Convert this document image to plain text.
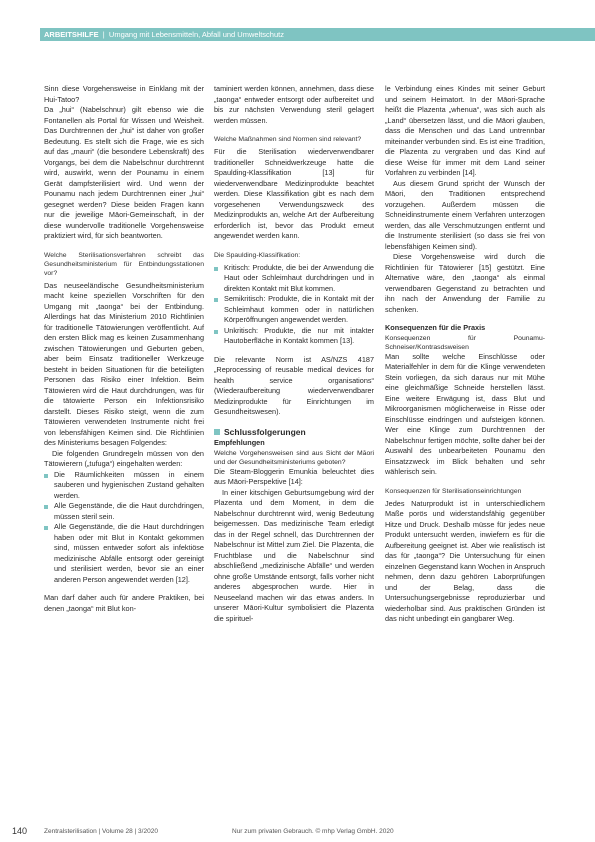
ARBEITSHILFE  |  Umgang mit Lebensmitteln, Abfall und Umweltschutz

Sinn diese Vorgehensweise in Einklang mit der Hui-Tatoo?

Da „hui“ (Nabelschnur) gilt ebenso wie die Fontanellen als Portal für Wissen und Weisheit. Das Durchtrennen der „hui“ ist daher von großer Bedeutung. Es stellt sich die Frage, wie es sich auf das „mauri“ (die besondere Lebenskraft) des Vorgangs, bei dem die Nabelschnur durchtrennt wird, auswirkt, wenn der Pounamu in einem Gerät dampfsterilisiert wird. Und wenn der Pounamu nach jedem Durchtrennen einer „hui“ gesegnet werden? Diese beiden Fragen kann nur die jeweilige Māori-Gemeinschaft, in der diese wundervolle traditionelle Vorgehensweise praktiziert wird, für sich beantworten.

Welche Sterilisationsverfahren schreibt das Gesundheitsministerium für Entbindungsstationen vor?

Das neuseeländische Gesundheitsministerium macht keine speziellen Vorschriften für den Umgang mit „taonga“ bei der Entbindung. Allerdings hat das Ministerium 2010 Richtlinien für traditionelle Tätowierungen veröffentlicht. Auf den ersten Blick mag es keinen Zusammenhang zwischen Tätowierungen und Geburten geben, aber beim Einsatz traditioneller Werkzeuge besteht in beiden Situationen für die beteiligten Personen das Risiko einer Infektion. Beim Tätowieren wird die Haut durchdrungen, was für die tätowierte Person ein Infektionsrisiko darstellt. Dieses Risiko steigt, wenn die zum Tätowieren verwendeten Instrumente nicht frei von lebensfähigen Keimen sind. Die Richtlinien des Ministeriums besagen Folgendes:

Die folgenden Grundregeln müssen von den Tätowierern („tufuga“) eingehalten werden:

Die Räumlichkeiten müssen in einem sauberen und hygienischen Zustand gehalten werden.
Alle Gegenstände, die die Haut durchdringen, müssen steril sein.
Alle Gegenstände, die die Haut durchdringen haben oder mit Blut in Kontakt gekommen sind, müssen entweder sofort als infektiöse medizinische Abfälle entsorgt oder gereinigt und sterilisiert werden, bevor sie an einer anderen Person angewendet werden [12].

Man darf daher auch für andere Praktiken, bei denen „taonga“ mit Blut kon-

taminiert werden können, annehmen, dass diese „taonga“ entweder entsorgt oder aufbereitet und bis zur nächsten Verwendung steril gelagert werden müssen.

Welche Maßnahmen sind Normen sind relevant?

Für die Sterilisation wiederverwendbarer traditioneller Schneidwerkzeuge hatte die Spaulding-Klassifikation [13] für wiederverwendbare Medizinprodukte beachtet werden. Diese Klassifikation gibt es nach dem vorgesehenen Verwendungszweck des Medizinprodukts an, welche Art der Aufbereitung erforderlich ist, bevor das Produkt erneut angewendet werden kann.

Die Spaulding-Klassifikation:

Kritisch: Produkte, die bei der Anwendung die Haut oder Schleimhaut durchdringen und in direkten Kontakt mit Blut kommen.
Semikritisch: Produkte, die in Kontakt mit der Schleimhaut kommen oder in natürlichen Körperöffnungen angewendet werden.
Unkritisch: Produkte, die nur mit intakter Hautoberfläche in Kontakt kommen [13].

Die relevante Norm ist AS/NZS 4187 „Reprocessing of reusable medical devices for health service organisations“ (Wiederaufbereitung wiederverwendbarer Medizinprodukte für Einrichtungen im Gesundheitswesen).

Schlussfolgerungen

Empfehlungen

Welche Vorgehensweisen sind aus Sicht der Māori und der Gesundheitsministeriums geboten?

Die Steam-Bloggerin Emunkia beleuchtet dies aus Māori-Perspektive [14]:

In einer kitschigen Geburtsumgebung wird der Plazenta und dem Moment, in dem die Nabelschnur durchtrennt wird, wenig Bedeutung beigemessen. Das medizinische Team erledigt das in der Regel schnell, das Durchtrennen der Nabelschnur ist Mittel zum Ziel. Die Plazenta, die Fruchtblase und die Nabelschnur sind abschließend „medizinische Abfälle“ und werden ohne große Umstände entsorgt, falls vorher nicht anderes abgesprochen wurde. Hier in Neuseeland machen wir das etwas anders. In unserer Māori-Kultur symbolisiert die Plazenta die spirituel-

le Verbindung eines Kindes mit seiner Geburt und seinem Heimatort. In der Māori-Sprache heißt die Plazenta „whenua“, was sich auch als „Land“ übersetzen lässt, und die Māori glauben, dass die Menschen und das Land untrennbar miteinander verbunden sind. Es ist eine Tradition, die Plazenta zu vergraben und das Kind auf diese Weise für immer mit dem Land seiner Vorfahren zu verbinden [14].

Aus diesem Grund spricht der Wunsch der Māori, den Traditionen entsprechend vorzugehen. Außerdem müssen die Schneidinstrumente einem Verfahren unterzogen werden, das alle Verschmutzungen entfernt und die Instrumente sterilisiert (so dass sie frei von lebensfähigen Keimen sind).

Diese Vorgehensweise wird durch die Richtlinien für Tätowierer [15] gestützt. Eine Alternative wäre, den „taonga“ als einmal verwendbaren Gegenstand zu betrachten und ihn nach der Anwendung der Familie zu schenken.

Konsequenzen für die Praxis

Konsequenzen für Pounamu-Schneiser/Kontrasdsweisen

Man sollte welche Einschlüsse oder Materialfehler in dem für die Klinge verwendeten Stein vorliegen, da sich daraus nur mit Mühe eine gleichmäßige Schneide herstellen lässt. Eine weitere Erwägung ist, dass Blut und Mikroorganismen möglicherweise in Risse oder Einschlüsse eindringen und aufsteigen können. Wer eine Klinge zum Durchtrennen der Nabelschnur fertigen möchte, sollte daher bei der Auswahl des unbearbeiteten Pounamu den Einsatzzweck im Blick behalten und sehr wählerisch sein.

Konsequenzen für Sterilisationseinrichtungen

Jedes Naturprodukt ist in unterschiedlichem Maße porös und widerstandsfähig gegenüber Hitze und Druck. Deshalb müsse für jedes neue Produkt untersucht werden, inwiefern es für die Aufbereitung geeignet ist. Aber wie realistisch ist das für „taonga“? Die Untersuchung für einen einzelnen Gegenstand kann Wochen in Anspruch nehmen, denn dazu gehören Laborprüfungen und der Belag, dass die Untersuchungsergebnisse reproduzierbar und wiederholbar sind. Aus praktischen Gründen ist das nicht unbedingt ein gangbarer Weg.

140	Zentralsterilisation | Volume 28 | 3/2020	Nur zum privaten Gebrauch. © mhp Verlag GmbH. 2020
